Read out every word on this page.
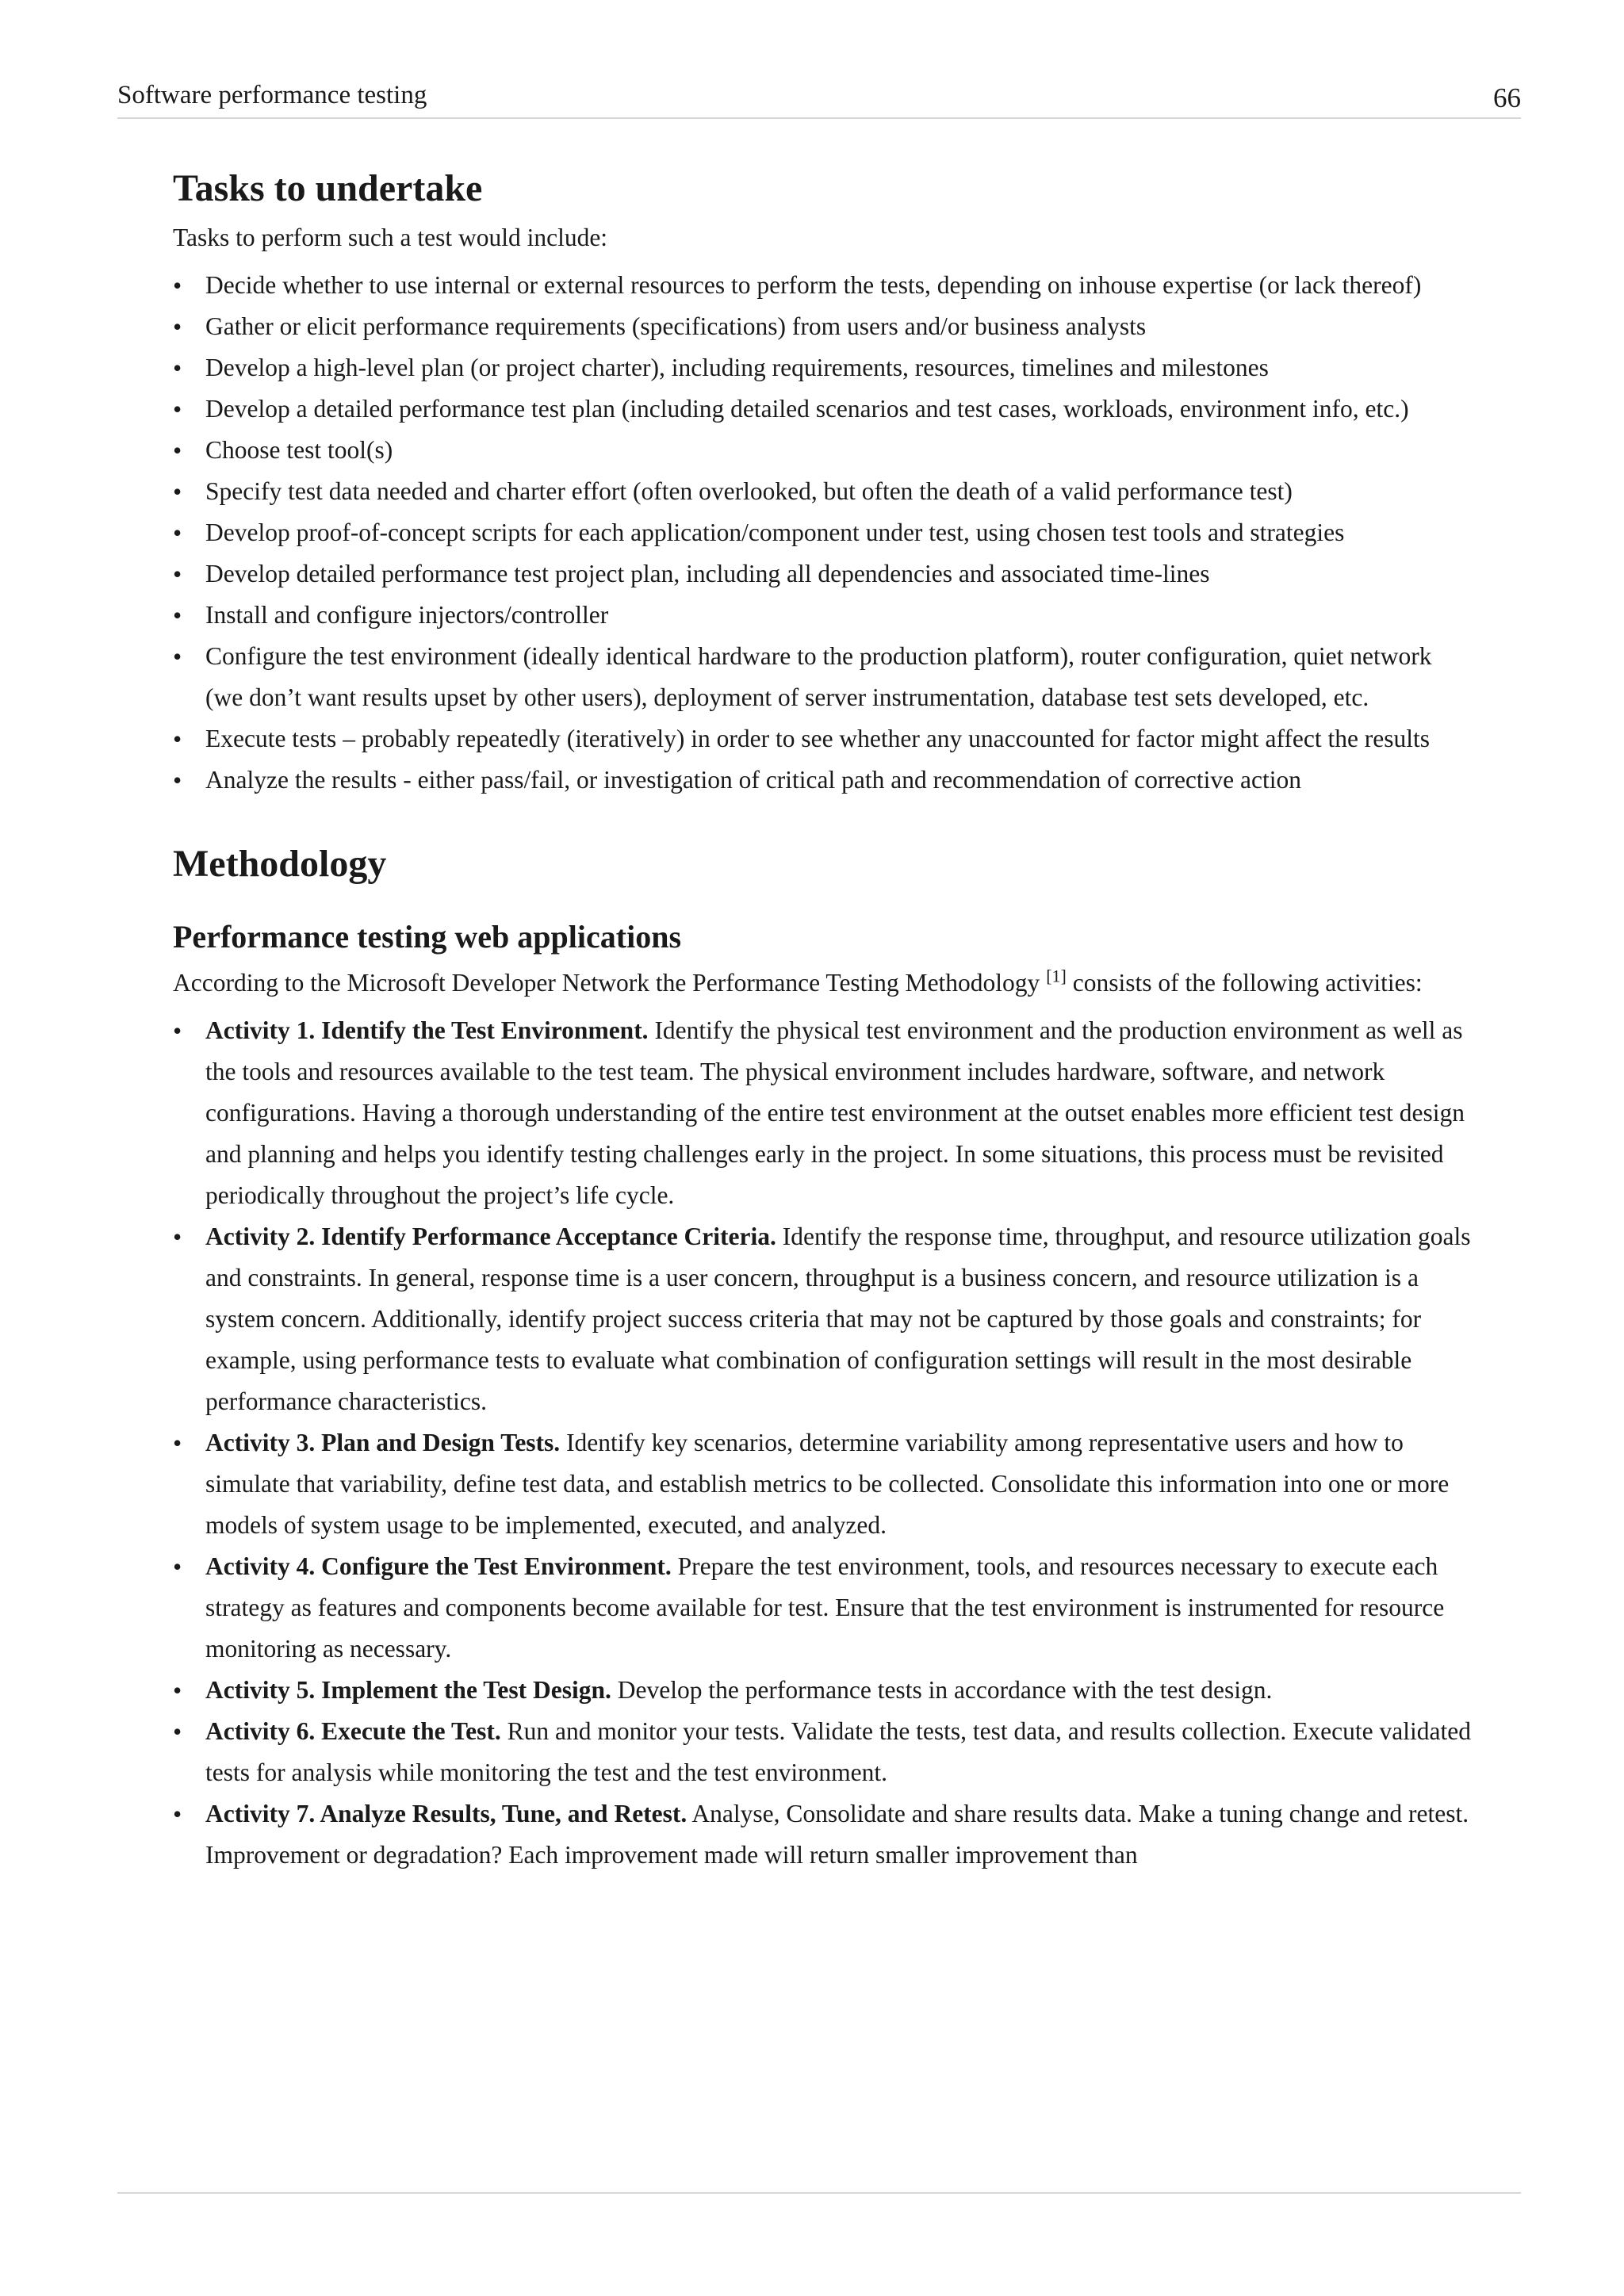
Software performance testing	66
Tasks to undertake

Tasks to perform such a test would include:

• Decide whether to use internal or external resources to perform the tests, depending on inhouse expertise (or lack thereof)
• Gather or elicit performance requirements (specifications) from users and/or business analysts
• Develop a high-level plan (or project charter), including requirements, resources, timelines and milestones
• Develop a detailed performance test plan (including detailed scenarios and test cases, workloads, environment info, etc.)
• Choose test tool(s)
• Specify test data needed and charter effort (often overlooked, but often the death of a valid performance test)
• Develop proof-of-concept scripts for each application/component under test, using chosen test tools and strategies
• Develop detailed performance test project plan, including all dependencies and associated time-lines
• Install and configure injectors/controller
• Configure the test environment (ideally identical hardware to the production platform), router configuration, quiet network (we don’t want results upset by other users), deployment of server instrumentation, database test sets developed, etc.
• Execute tests – probably repeatedly (iteratively) in order to see whether any unaccounted for factor might affect the results
• Analyze the results - either pass/fail, or investigation of critical path and recommendation of corrective action
Methodology
Performance testing web applications

According to the Microsoft Developer Network the Performance Testing Methodology [1] consists of the following activities:

• Activity 1. Identify the Test Environment. Identify the physical test environment and the production environment as well as the tools and resources available to the test team. The physical environment includes hardware, software, and network configurations. Having a thorough understanding of the entire test environment at the outset enables more efficient test design and planning and helps you identify testing challenges early in the project. In some situations, this process must be revisited periodically throughout the project’s life cycle.
• Activity 2. Identify Performance Acceptance Criteria. Identify the response time, throughput, and resource utilization goals and constraints. In general, response time is a user concern, throughput is a business concern, and resource utilization is a system concern. Additionally, identify project success criteria that may not be captured by those goals and constraints; for example, using performance tests to evaluate what combination of configuration settings will result in the most desirable performance characteristics.
• Activity 3. Plan and Design Tests. Identify key scenarios, determine variability among representative users and how to simulate that variability, define test data, and establish metrics to be collected. Consolidate this information into one or more models of system usage to be implemented, executed, and analyzed.
• Activity 4. Configure the Test Environment. Prepare the test environment, tools, and resources necessary to execute each strategy as features and components become available for test. Ensure that the test environment is instrumented for resource monitoring as necessary.
• Activity 5. Implement the Test Design. Develop the performance tests in accordance with the test design.
• Activity 6. Execute the Test. Run and monitor your tests. Validate the tests, test data, and results collection. Execute validated tests for analysis while monitoring the test and the test environment.
• Activity 7. Analyze Results, Tune, and Retest. Analyse, Consolidate and share results data. Make a tuning change and retest. Improvement or degradation? Each improvement made will return smaller improvement than
